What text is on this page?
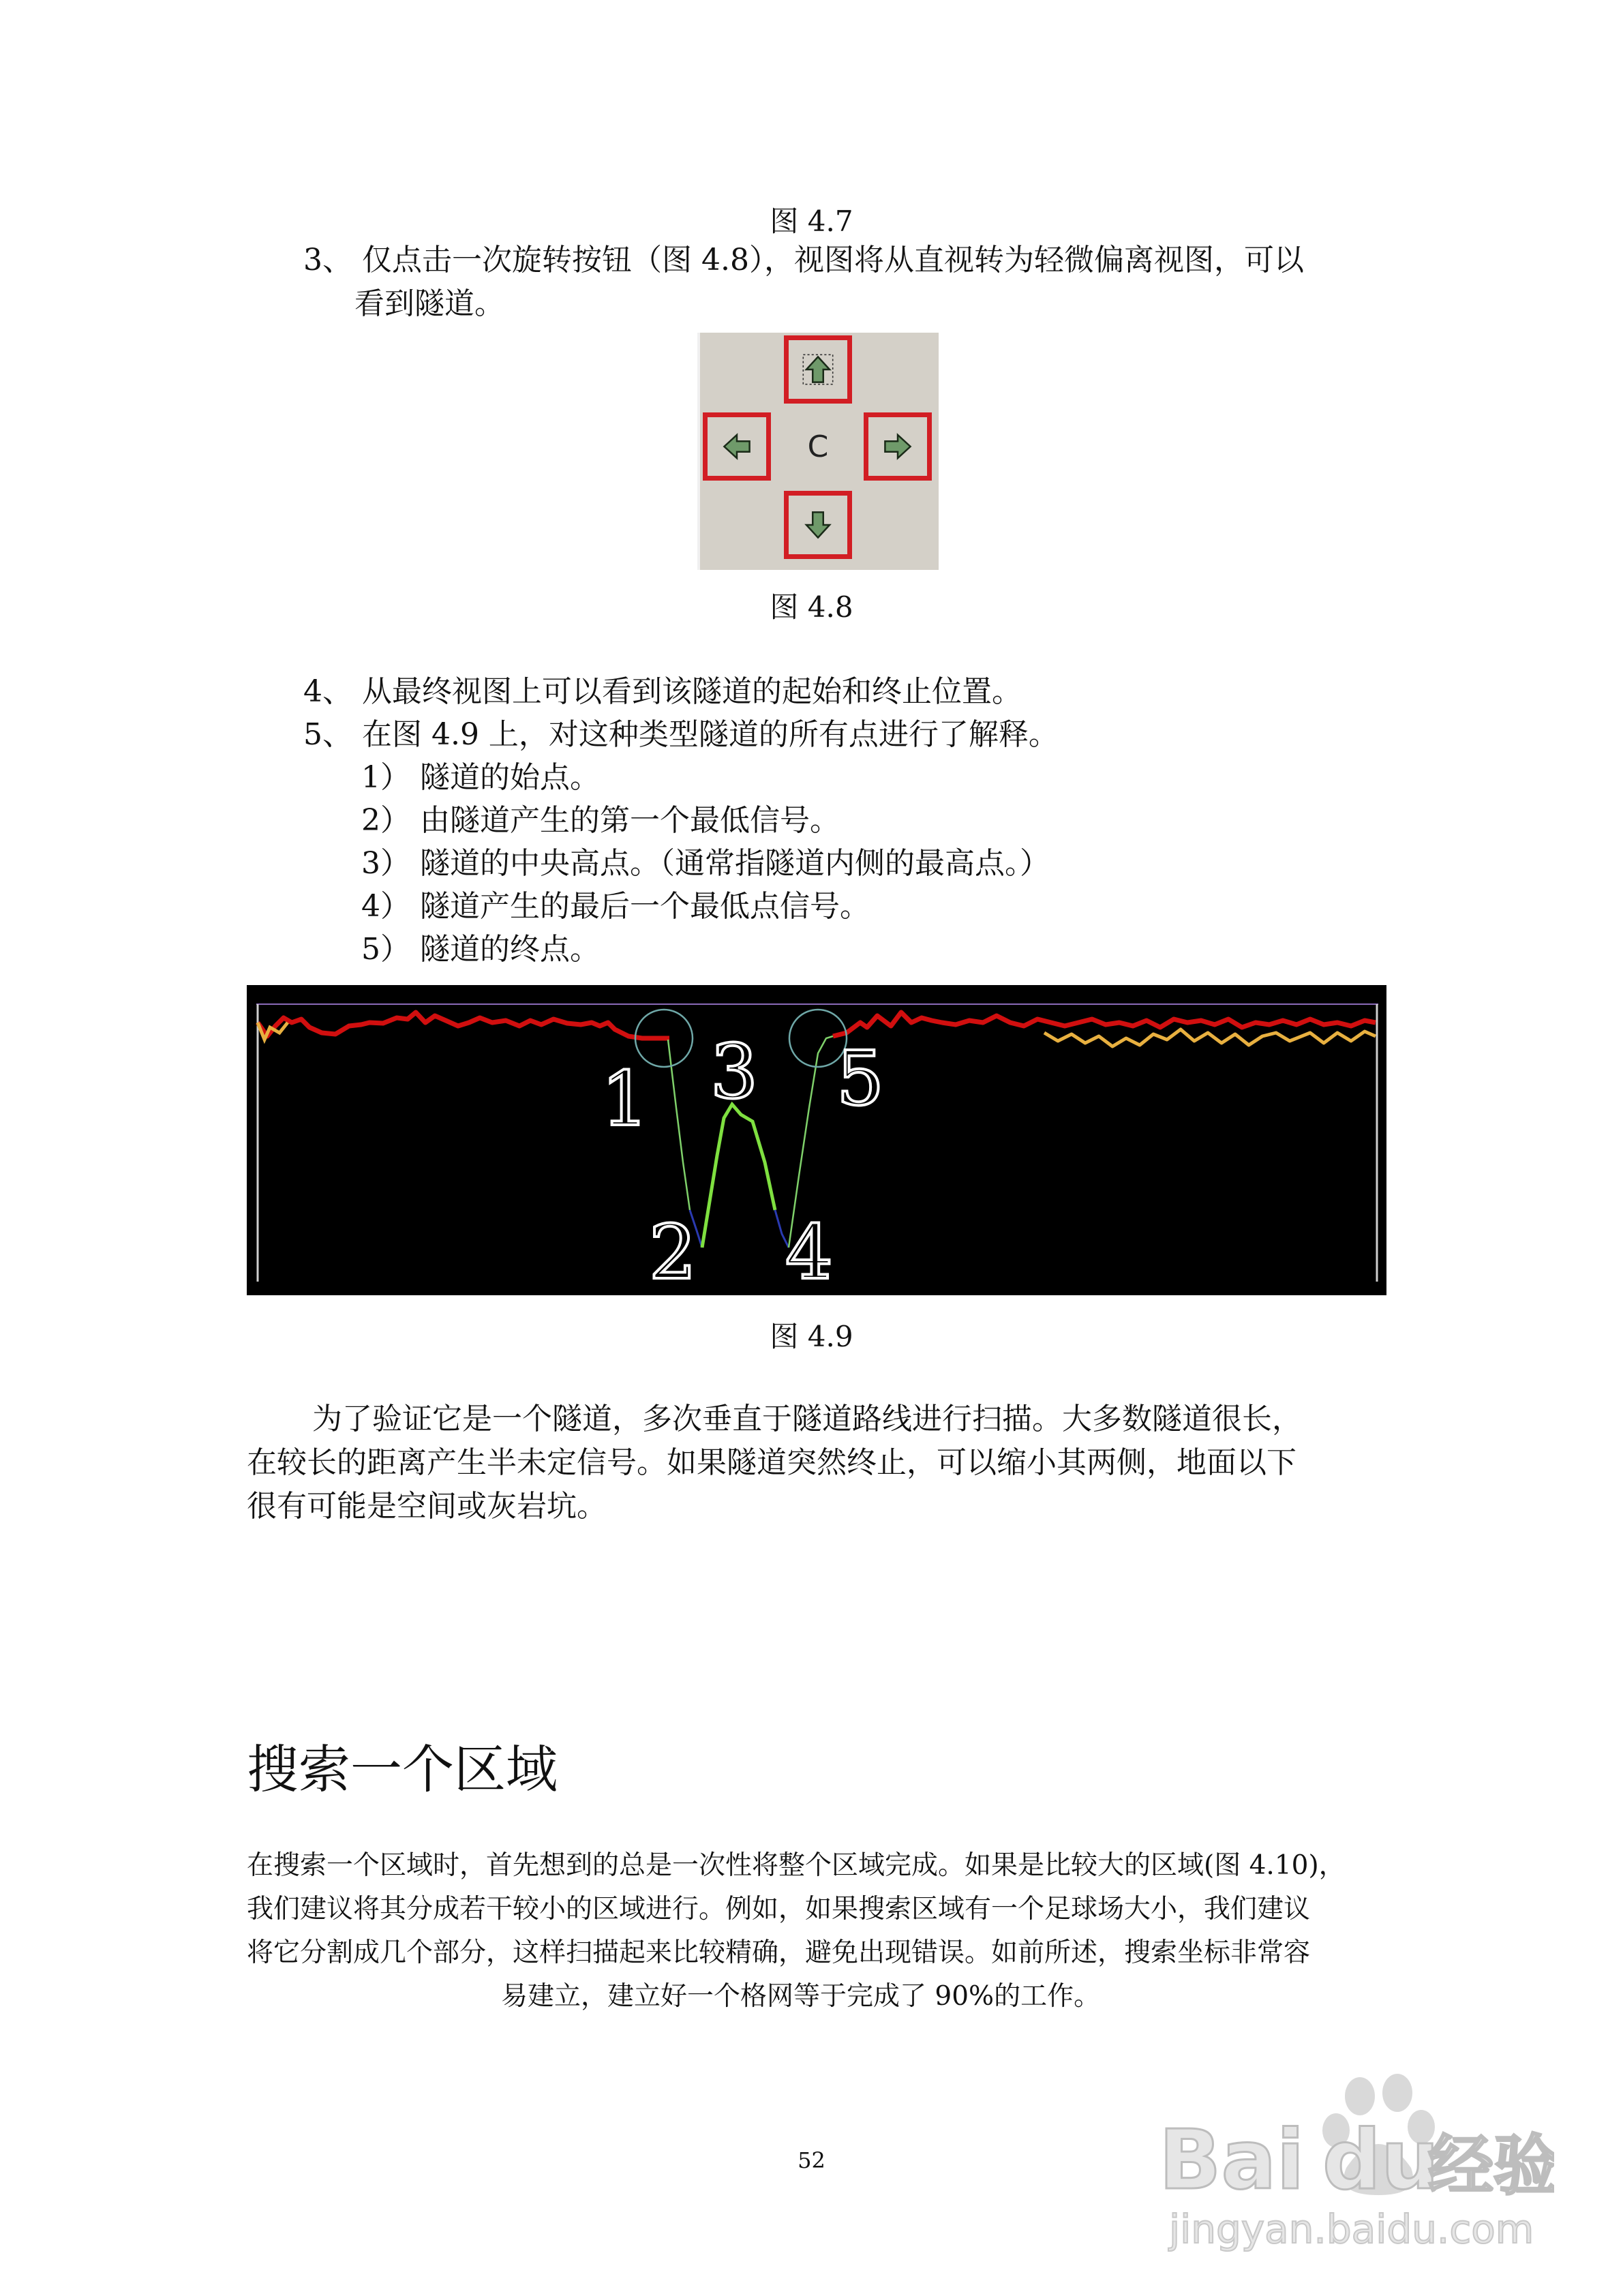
图 4.7
3、 仅点击一次旋转按钮（图 4.8），视图将从直视转为轻微偏离视图，可以
看到隧道。
C
图 4.8
4、 从最终视图上可以看到该隧道的起始和终止位置。
5、 在图 4.9 上，对这种类型隧道的所有点进行了解释。
1） 隧道的始点。
2） 由隧道产生的第一个最低信号。
3） 隧道的中央高点。（通常指隧道内侧的最高点。）
4） 隧道产生的最后一个最低点信号。
5） 隧道的终点。
1
2
3
4
5
图 4.9
为了验证它是一个隧道，多次垂直于隧道路线进行扫描。大多数隧道很长，
在较长的距离产生半未定信号。如果隧道突然终止，可以缩小其两侧，地面以下
很有可能是空间或灰岩坑。
搜索一个区域
在搜索一个区域时，首先想到的总是一次性将整个区域完成。如果是比较大的区域(图 4.10)，
我们建议将其分成若干较小的区域进行。例如，如果搜索区域有一个足球场大小，我们建议
将它分割成几个部分，这样扫描起来比较精确，避免出现错误。如前所述，搜索坐标非常容
易建立，建立好一个格网等于完成了 90%的工作。
52	Bai du
经验
jingyan.baidu.com
